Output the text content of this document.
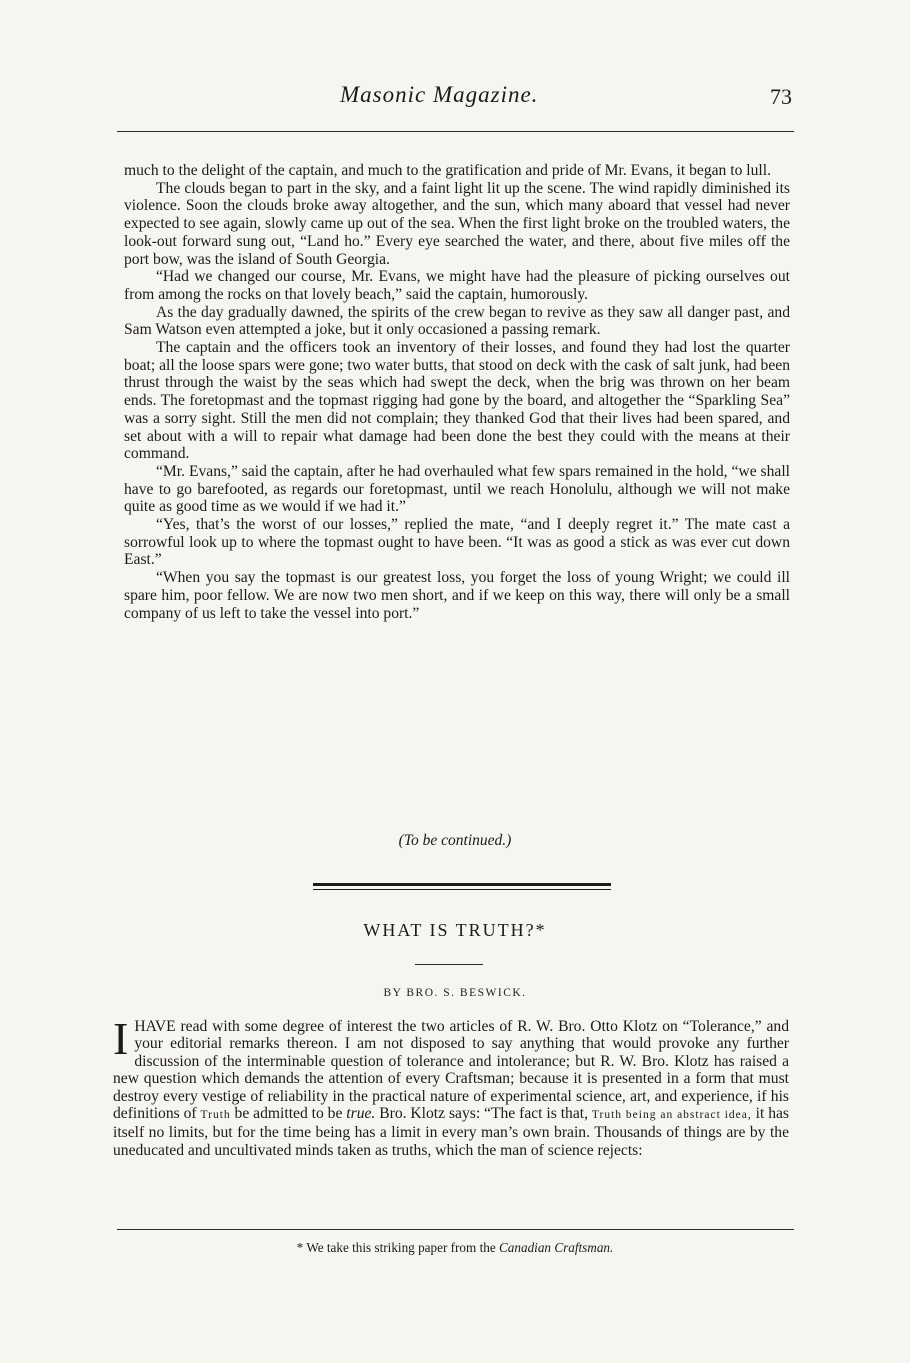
Masonic Magazine.	73

much to the delight of the captain, and much to the gratification and pride of Mr. Evans, it began to lull.

The clouds began to part in the sky, and a faint light lit up the scene. The wind rapidly diminished its violence. Soon the clouds broke away altogether, and the sun, which many aboard that vessel had never expected to see again, slowly came up out of the sea. When the first light broke on the troubled waters, the look-out forward sung out, “Land ho.” Every eye searched the water, and there, about five miles off the port bow, was the island of South Georgia.

“Had we changed our course, Mr. Evans, we might have had the pleasure of picking ourselves out from among the rocks on that lovely beach,” said the captain, humorously.

As the day gradually dawned, the spirits of the crew began to revive as they saw all danger past, and Sam Watson even attempted a joke, but it only occasioned a passing remark.

The captain and the officers took an inventory of their losses, and found they had lost the quarter boat; all the loose spars were gone; two water butts, that stood on deck with the cask of salt junk, had been thrust through the waist by the seas which had swept the deck, when the brig was thrown on her beam ends. The foretopmast and the topmast rigging had gone by the board, and altogether the “Sparkling Sea” was a sorry sight. Still the men did not complain; they thanked God that their lives had been spared, and set about with a will to repair what damage had been done the best they could with the means at their command.

“Mr. Evans,” said the captain, after he had overhauled what few spars remained in the hold, “we shall have to go barefooted, as regards our foretopmast, until we reach Honolulu, although we will not make quite as good time as we would if we had it.”

“Yes, that’s the worst of our losses,” replied the mate, “and I deeply regret it.” The mate cast a sorrowful look up to where the topmast ought to have been. “It was as good a stick as was ever cut down East.”

“When you say the topmast is our greatest loss, you forget the loss of young Wright; we could ill spare him, poor fellow. We are now two men short, and if we keep on this way, there will only be a small company of us left to take the vessel into port.”

(To be continued.)
WHAT IS TRUTH?*
BY BRO. S. BESWICK.
IHAVE read with some degree of interest the two articles of R. W. Bro. Otto Klotz on “Tolerance,” and your editorial remarks thereon. I am not disposed to say anything that would provoke any further discussion of the interminable question of tolerance and intolerance; but R. W. Bro. Klotz has raised a new question which demands the attention of every Craftsman; because it is presented in a form that must destroy every vestige of reliability in the practical nature of experimental science, art, and experience, if his definitions of Truth be admitted to be true. Bro. Klotz says: “The fact is that, Truth being an abstract idea, it has itself no limits, but for the time being has a limit in every man’s own brain. Thousands of things are by the uneducated and uncultivated minds taken as truths, which the man of science rejects:
* We take this striking paper from the Canadian Craftsman.
